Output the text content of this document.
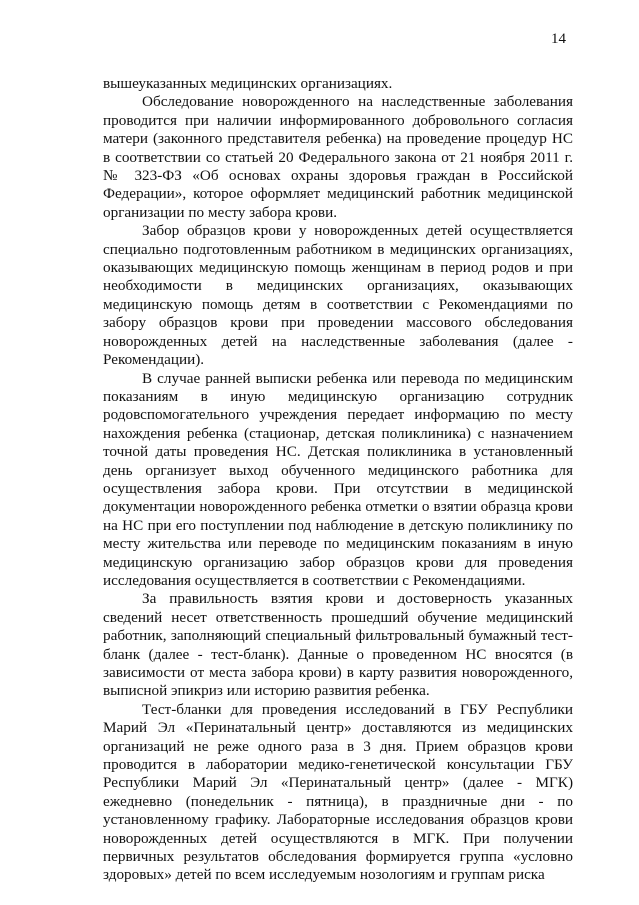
14

вышеуказанных медицинских организациях.

Обследование новорожденного на наследственные заболевания проводится при наличии информированного добровольного согласия матери (законного представителя ребенка) на проведение процедур НС в соответствии со статьей 20 Федерального закона от 21 ноября 2011 г. № 323-ФЗ «Об основах охраны здоровья граждан в Российской Федерации», которое оформляет медицинский работник медицинской организации по месту забора крови.

Забор образцов крови у новорожденных детей осуществляется специально подготовленным работником в медицинских организациях, оказывающих медицинскую помощь женщинам в период родов и при необходимости в медицинских организациях, оказывающих медицинскую помощь детям в соответствии с Рекомендациями по забору образцов крови при проведении массового обследования новорожденных детей на наследственные заболевания (далее - Рекомендации).

В случае ранней выписки ребенка или перевода по медицинским показаниям в иную медицинскую организацию сотрудник родовспомогательного учреждения передает информацию по месту нахождения ребенка (стационар, детская поликлиника) с назначением точной даты проведения НС. Детская поликлиника в установленный день организует выход обученного медицинского работника для осуществления забора крови. При отсутствии в медицинской документации новорожденного ребенка отметки о взятии образца крови на НС при его поступлении под наблюдение в детскую поликлинику по месту жительства или переводе по медицинским показаниям в иную медицинскую организацию забор образцов крови для проведения исследования осуществляется в соответствии с Рекомендациями.

За правильность взятия крови и достоверность указанных сведений несет ответственность прошедший обучение медицинский работник, заполняющий специальный фильтровальный бумажный тест-бланк (далее - тест-бланк). Данные о проведенном НС вносятся (в зависимости от места забора крови) в карту развития новорожденного, выписной эпикриз или историю развития ребенка.

Тест-бланки для проведения исследований в ГБУ Республики Марий Эл «Перинатальный центр» доставляются из медицинских организаций не реже одного раза в 3 дня. Прием образцов крови проводится в лаборатории медико-генетической консультации ГБУ Республики Марий Эл «Перинатальный центр» (далее - МГК) ежедневно (понедельник - пятница), в праздничные дни - по установленному графику. Лабораторные исследования образцов крови новорожденных детей осуществляются в МГК. При получении первичных результатов обследования формируется группа «условно здоровых» детей по всем исследуемым нозологиям и группам риска
